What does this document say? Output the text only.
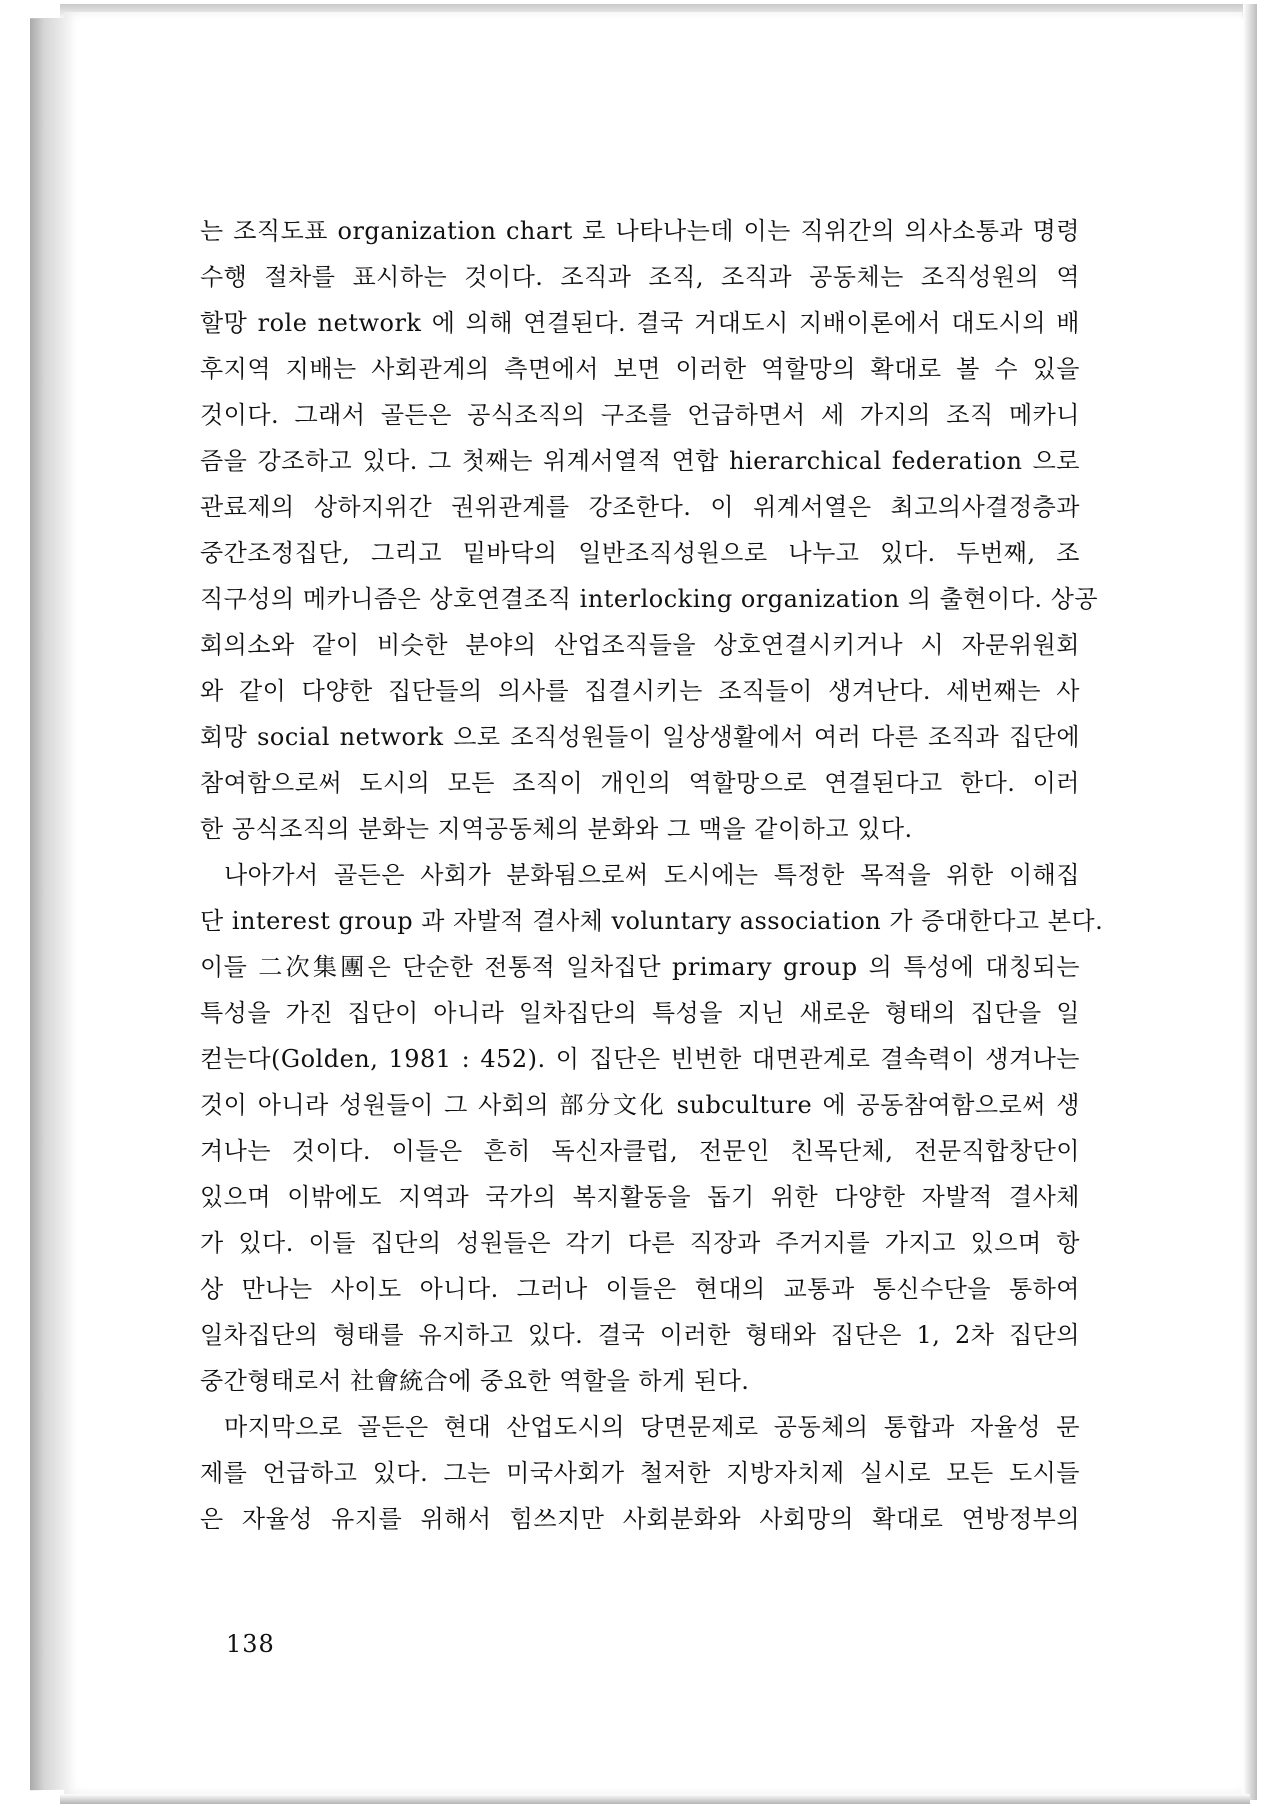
는 조직도표 organization chart 로 나타나는데 이는 직위간의 의사소통과 명령
수행 절차를 표시하는 것이다. 조직과 조직, 조직과 공동체는 조직성원의 역
할망 role network 에 의해 연결된다. 결국 거대도시 지배이론에서 대도시의 배
후지역 지배는 사회관계의 측면에서 보면 이러한 역할망의 확대로 볼 수 있을
것이다. 그래서 골든은 공식조직의 구조를 언급하면서 세 가지의 조직 메카니
즘을 강조하고 있다. 그 첫째는 위계서열적 연합 hierarchical federation 으로
관료제의 상하지위간 권위관계를 강조한다. 이 위계서열은 최고의사결정층과
중간조정집단, 그리고 밑바닥의 일반조직성원으로 나누고 있다. 두번째, 조
직구성의 메카니즘은 상호연결조직 interlocking organization 의 출현이다. 상공
회의소와 같이 비슷한 분야의 산업조직들을 상호연결시키거나 시 자문위원회
와 같이 다양한 집단들의 의사를 집결시키는 조직들이 생겨난다. 세번째는 사
회망 social network 으로 조직성원들이 일상생활에서 여러 다른 조직과 집단에
참여함으로써 도시의 모든 조직이 개인의 역할망으로 연결된다고 한다. 이러
한 공식조직의 분화는 지역공동체의 분화와 그 맥을 같이하고 있다.
나아가서 골든은 사회가 분화됨으로써 도시에는 특정한 목적을 위한 이해집
단 interest group 과 자발적 결사체 voluntary association 가 증대한다고 본다.
이들 二次集團은 단순한 전통적 일차집단 primary group 의 특성에 대칭되는
특성을 가진 집단이 아니라 일차집단의 특성을 지닌 새로운 형태의 집단을 일
컫는다(Golden, 1981 : 452). 이 집단은 빈번한 대면관계로 결속력이 생겨나는
것이 아니라 성원들이 그 사회의 部分文化 subculture 에 공동참여함으로써 생
겨나는 것이다. 이들은 흔히 독신자클럽, 전문인 친목단체, 전문직합창단이
있으며 이밖에도 지역과 국가의 복지활동을 돕기 위한 다양한 자발적 결사체
가 있다. 이들 집단의 성원들은 각기 다른 직장과 주거지를 가지고 있으며 항
상 만나는 사이도 아니다. 그러나 이들은 현대의 교통과 통신수단을 통하여
일차집단의 형태를 유지하고 있다. 결국 이러한 형태와 집단은 1, 2차 집단의
중간형태로서 社會統合에 중요한 역할을 하게 된다.
마지막으로 골든은 현대 산업도시의 당면문제로 공동체의 통합과 자율성 문
제를 언급하고 있다. 그는 미국사회가 철저한 지방자치제 실시로 모든 도시들
은 자율성 유지를 위해서 힘쓰지만 사회분화와 사회망의 확대로 연방정부의
138
